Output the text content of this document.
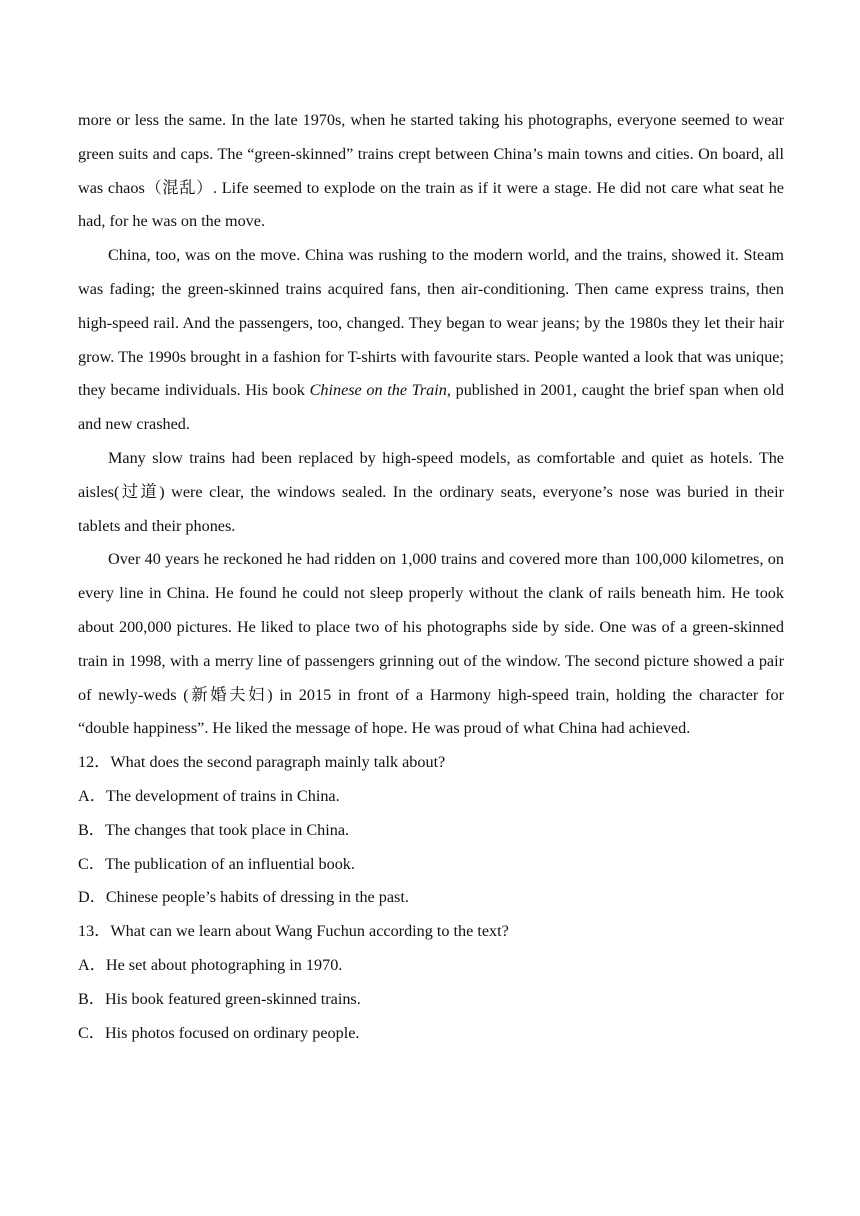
more or less the same. In the late 1970s, when he started taking his photographs, everyone seemed to wear green suits and caps. The “green-skinned” trains crept between China’s main towns and cities. On board, all was chaos（混乱）. Life seemed to explode on the train as if it were a stage. He did not care what seat he had, for he was on the move.

China, too, was on the move. China was rushing to the modern world, and the trains, showed it. Steam was fading; the green-skinned trains acquired fans, then air-conditioning. Then came express trains, then high-speed rail. And the passengers, too, changed. They began to wear jeans; by the 1980s they let their hair grow. The 1990s brought in a fashion for T-shirts with favourite stars. People wanted a look that was unique; they became individuals. His book Chinese on the Train, published in 2001, caught the brief span when old and new crashed.

Many slow trains had been replaced by high-speed models, as comfortable and quiet as hotels. The aisles(过道) were clear, the windows sealed. In the ordinary seats, everyone’s nose was buried in their tablets and their phones.

Over 40 years he reckoned he had ridden on 1,000 trains and covered more than 100,000 kilometres, on every line in China. He found he could not sleep properly without the clank of rails beneath him. He took about 200,000 pictures. He liked to place two of his photographs side by side. One was of a green-skinned train in 1998, with a merry line of passengers grinning out of the window. The second picture showed a pair of newly-weds (新婚夫妇) in 2015 in front of a Harmony high-speed train, holding the character for “double happiness”. He liked the message of hope. He was proud of what China had achieved.

12．What does the second paragraph mainly talk about?

A．The development of trains in China.

B．The changes that took place in China.

C．The publication of an influential book.

D．Chinese people’s habits of dressing in the past.

13．What can we learn about Wang Fuchun according to the text?

A．He set about photographing in 1970.

B．His book featured green-skinned trains.

C．His photos focused on ordinary people.
